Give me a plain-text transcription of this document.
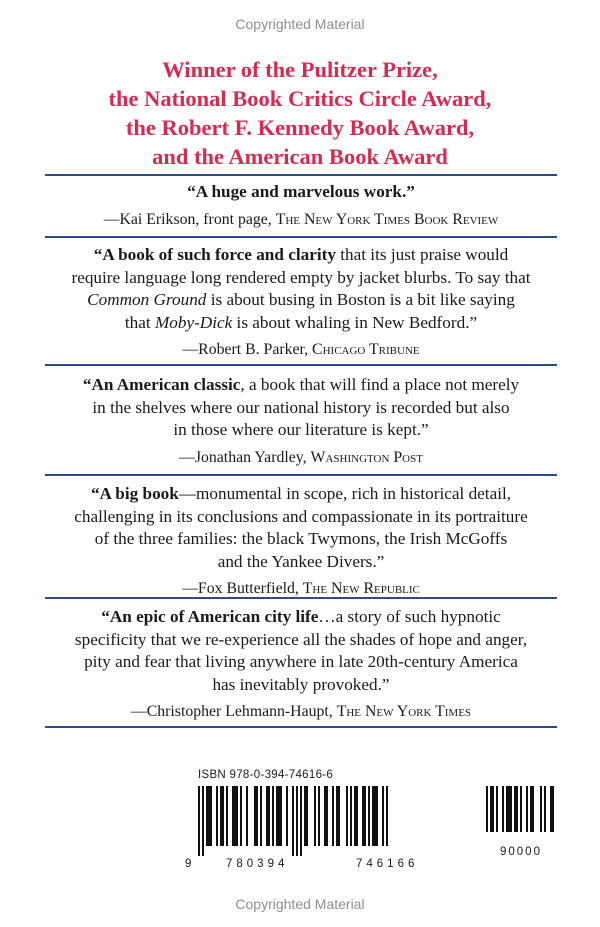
Copyrighted Material
Winner of the Pulitzer Prize,
the National Book Critics Circle Award,
the Robert F. Kennedy Book Award,
and the American Book Award
“A huge and marvelous work.”
—Kai Erikson, front page, The New York Times Book Review
“A book of such force and clarity that its just praise would
require language long rendered empty by jacket blurbs. To say that
Common Ground is about busing in Boston is a bit like saying
that Moby-Dick is about whaling in New Bedford.”
—Robert B. Parker, Chicago Tribune
“An American classic, a book that will find a place not merely
in the shelves where our national history is recorded but also
in those where our literature is kept.”
—Jonathan Yardley, Washington Post
“A big book—monumental in scope, rich in historical detail,
challenging in its conclusions and compassionate in its portraiture
of the three families: the black Twymons, the Irish McGoffs
and the Yankee Divers.”
—Fox Butterfield, The New Republic
“An epic of American city life…a story of such hypnotic
specificity that we re-experience all the shades of hope and anger,
pity and fear that living anywhere in late 20th-century America
has inevitably provoked.”
—Christopher Lehmann-Haupt, The New York Times
ISBN 978-0-394-74616-6
9	780394	746166
90000
Copyrighted Material
